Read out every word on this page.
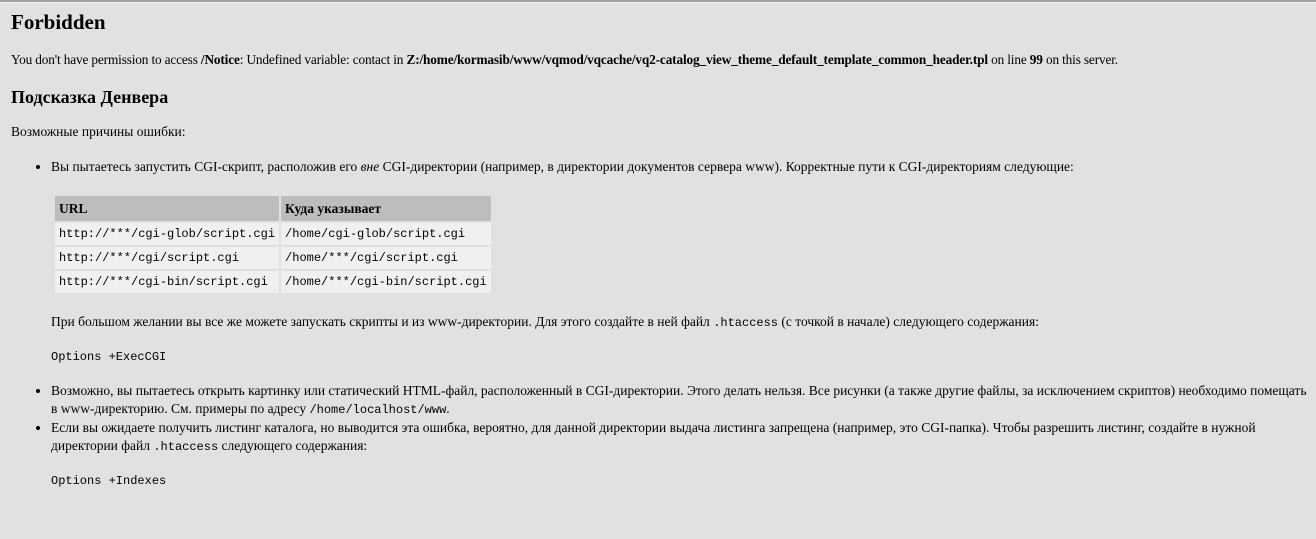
Forbidden

You don't have permission to access /Notice: Undefined variable: contact in Z:/home/kormasib/www/vqmod/vqcache/vq2-catalog_view_theme_default_template_common_header.tpl on line 99 on this server.

Подсказка Денвера

Возможные причины ошибки:

• Вы пытаетесь запустить CGI-скрипт, расположив его вне CGI-директории (например, в директории документов сервера www). Корректные пути к CGI-директориям следующие:
URL	Куда указывает
http://***/cgi-glob/script.cgi	/home/cgi-glob/script.cgi
http://***/cgi/script.cgi	/home/***/cgi/script.cgi
http://***/cgi-bin/script.cgi	/home/***/cgi-bin/script.cgi

При большом желании вы все же можете запускать скрипты и из www-директории. Для этого создайте в ней файл .htaccess (с точкой в начале) следующего содержания:

Options +ExecCGI
• Возможно, вы пытаетесь открыть картинку или статический HTML-файл, расположенный в CGI-директории. Этого делать нельзя. Все рисунки (а также другие файлы, за исключением скриптов) необходимо помещать в www-директорию. См. примеры по адресу /home/localhost/www.
• Если вы ожидаете получить листинг каталога, но выводится эта ошибка, вероятно, для данной директории выдача листинга запрещена (например, это CGI-папка). Чтобы разрешить листинг, создайте в нужной директории файл .htaccess следующего содержания:
Options +Indexes
